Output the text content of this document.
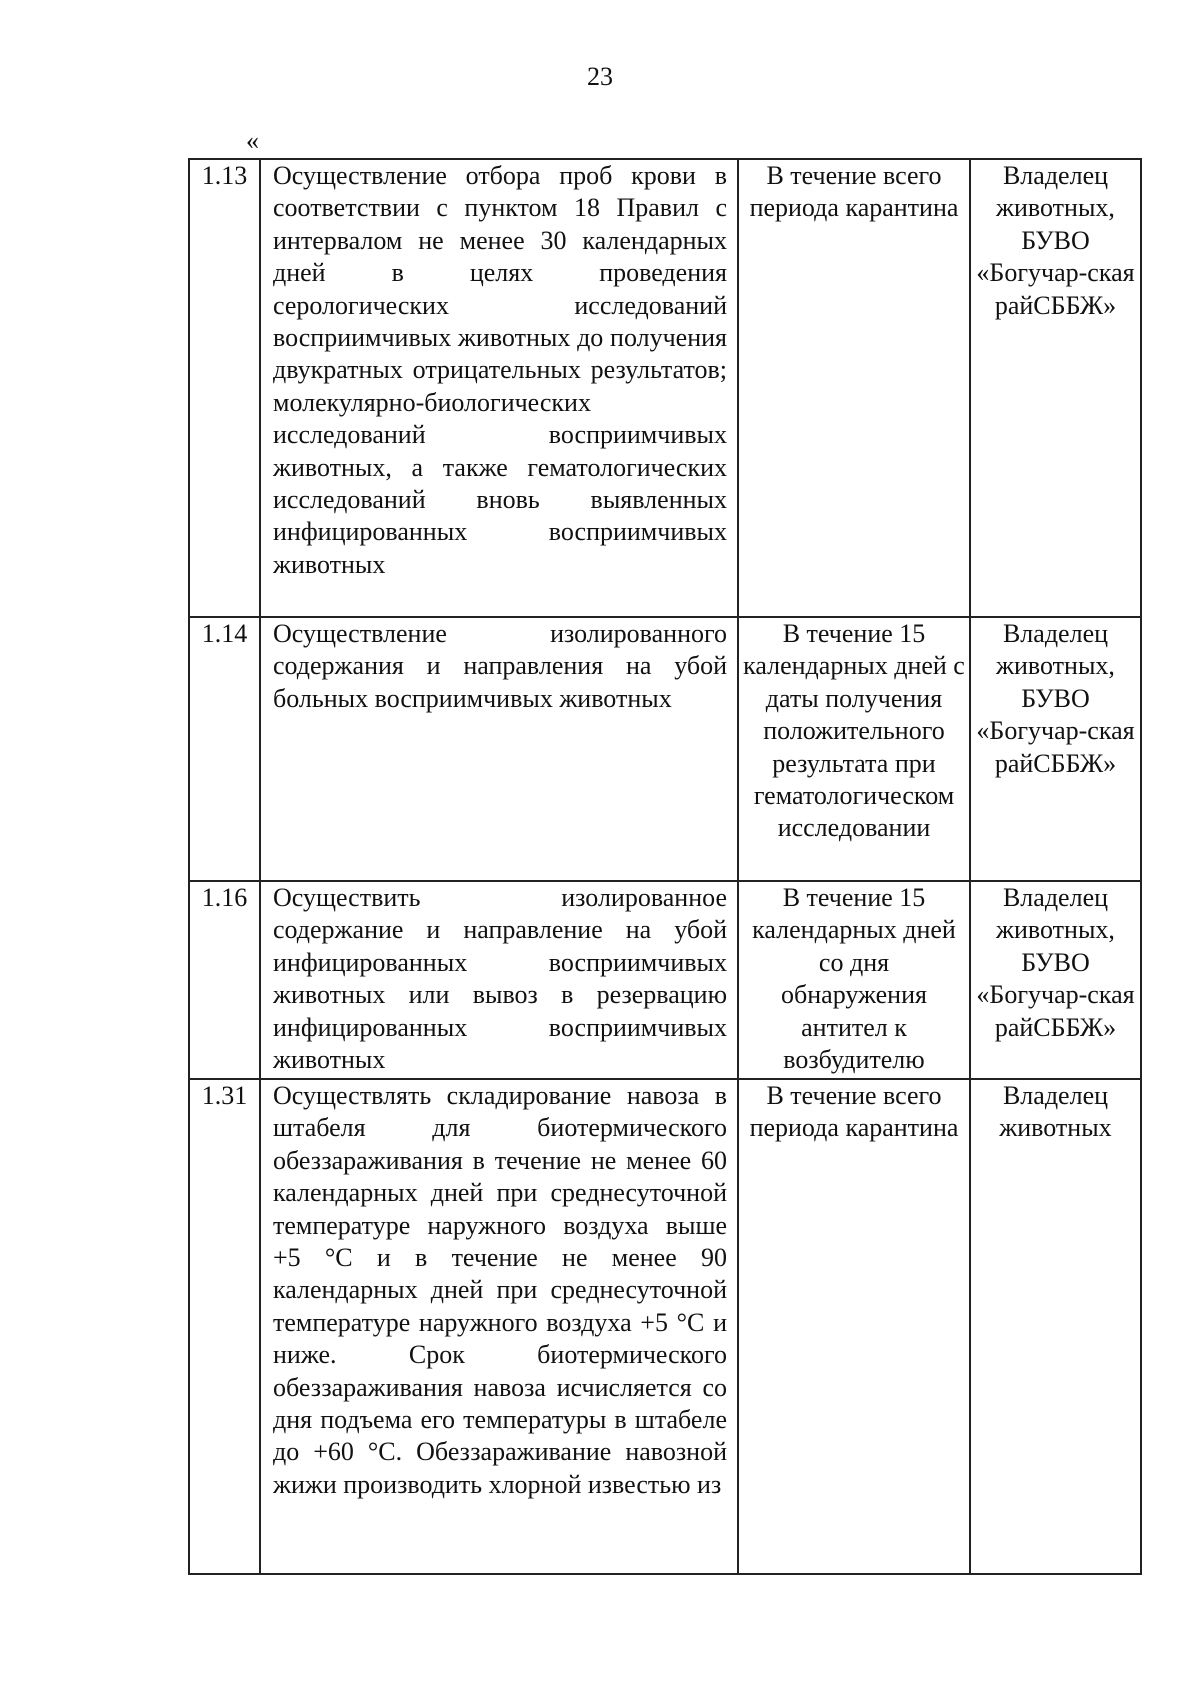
23
«
1.13	Осуществление отбора проб крови в соответствии с пунктом 18 Правил с интервалом не менее 30 календарных дней в целях проведения серологических исследований восприимчивых животных до получения двукратных отрицательных результатов; молекулярно-биологических исследований восприимчивых животных, а также гематологических исследований вновь выявленных инфицированных восприимчивых животных	В течение всего периода карантина	Владелец животных, БУВО «Богучар-ская райСББЖ»
1.14	Осуществление изолированного содержания и направления на убой больных восприимчивых животных	В течение 15 календарных дней с даты получения положительного результата при гематологическом исследовании	Владелец животных, БУВО «Богучар-ская райСББЖ»
1.16	Осуществить изолированное содержание и направление на убой инфицированных восприимчивых животных или вывоз в резервацию инфицированных восприимчивых животных	В течение 15 календарных дней со дня обнаружения антител к возбудителю	Владелец животных, БУВО «Богучар-ская райСББЖ»
1.31	Осуществлять складирование навоза в штабеля для биотермического обеззараживания в течение не менее 60 календарных дней при среднесуточной температуре наружного воздуха выше +5 °С и в течение не менее 90 календарных дней при среднесуточной температуре наружного воздуха +5 °С и ниже. Срок биотермического обеззараживания навоза исчисляется со дня подъема его температуры в штабеле до +60 °С. Обеззараживание навозной жижи производить хлорной известью из	В течение всего периода карантина	Владелец животных
